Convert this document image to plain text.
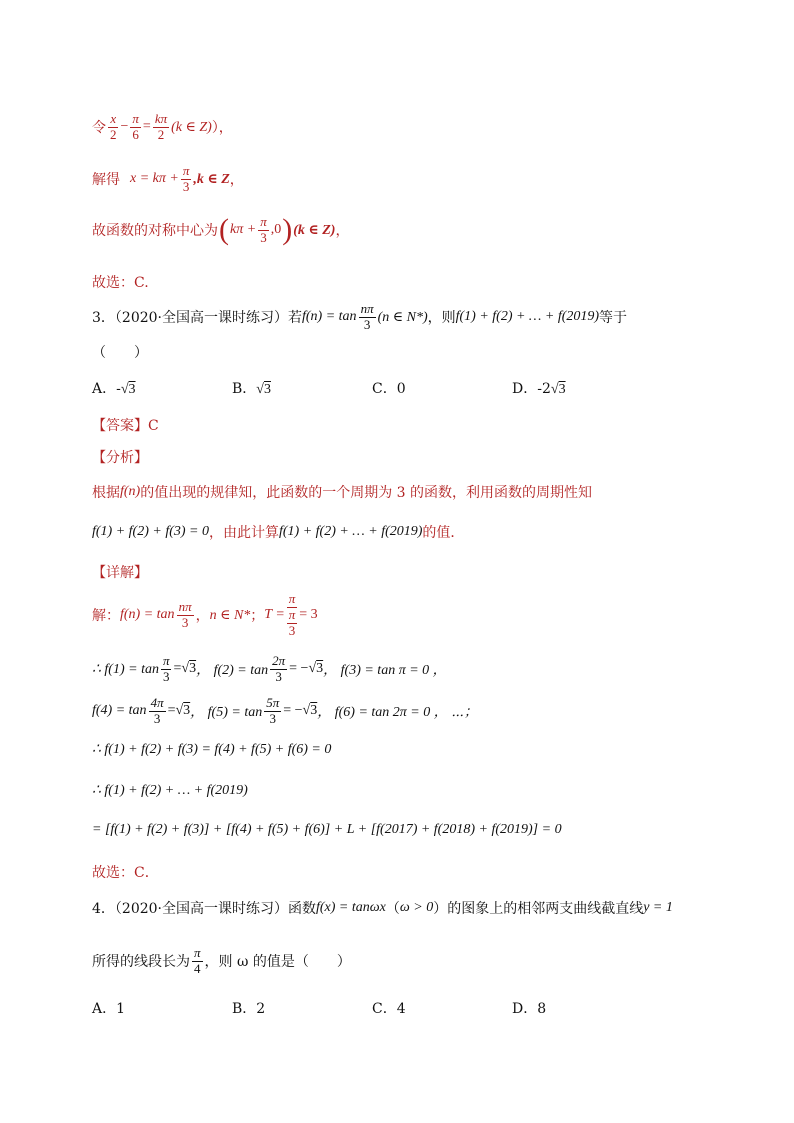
令 $\frac{x}{2} - \frac{\pi}{6} = \frac{k\pi}{2} (k$ ∈ Z) ），
解得 $x = k\pi + \frac{\pi}{3} ,k$ ∈ Z ，
故函数的对称中心为 ( $k\pi + \frac{\pi}{3} ,0$ ) (k ∈ Z) ，
故选：C.
3．（2020·全国高一课时练习）若 $f(n) = \tan \frac{n\pi}{3} (n$ ∈ N*) ，则 f(1) + f(2) + … + f(2019) 等于
（　　）
A．-√3	B．√3	C．0	D．-2√3
【答案】C
【分析】
根据 f(n) 的值出现的规律知，此函数的一个周期为 3 的函数，利用函数的周期性知
f(1) + f(2) + f(3) = 0 ，由此计算 f(1) + f(2) + … + f(2019) 的值．
【详解】
解： $f(n) = \tan \frac{n\pi}{3}$ ， n ∈ N* ； T = π
π
3 = 3
∴ $f(1) = \tan \frac{\pi}{3} = √3$ ， $f(2) = \tan \frac{2\pi}{3}$ = − √3 ， f(3) = tan π = 0 ，
$f(4) = \tan \frac{4\pi}{3} = √3$ ， $f(5) = \tan \frac{5\pi}{3}$ = − √3 ， f(6) = tan 2π = 0 ， ⋯；
∴ f(1) + f(2) + f(3) = f(4) + f(5) + f(6) = 0
∴ f(1) + f(2) + … + f(2019)
= [f(1) + f(2) + f(3)] + [f(4) + f(5) + f(6)] + L + [f(2017) + f(2018) + f(2019)] = 0
故选：C．
4．（2020·全国高一课时练习）函数 f(x) = tanωx （ ω > 0 ）的图象上的相邻两支曲线截直线 y = 1
所得的线段长为 $\frac{\pi}{4}$ ，则 ω 的值是（　　）
A．1	B．2	C．4	D．8
